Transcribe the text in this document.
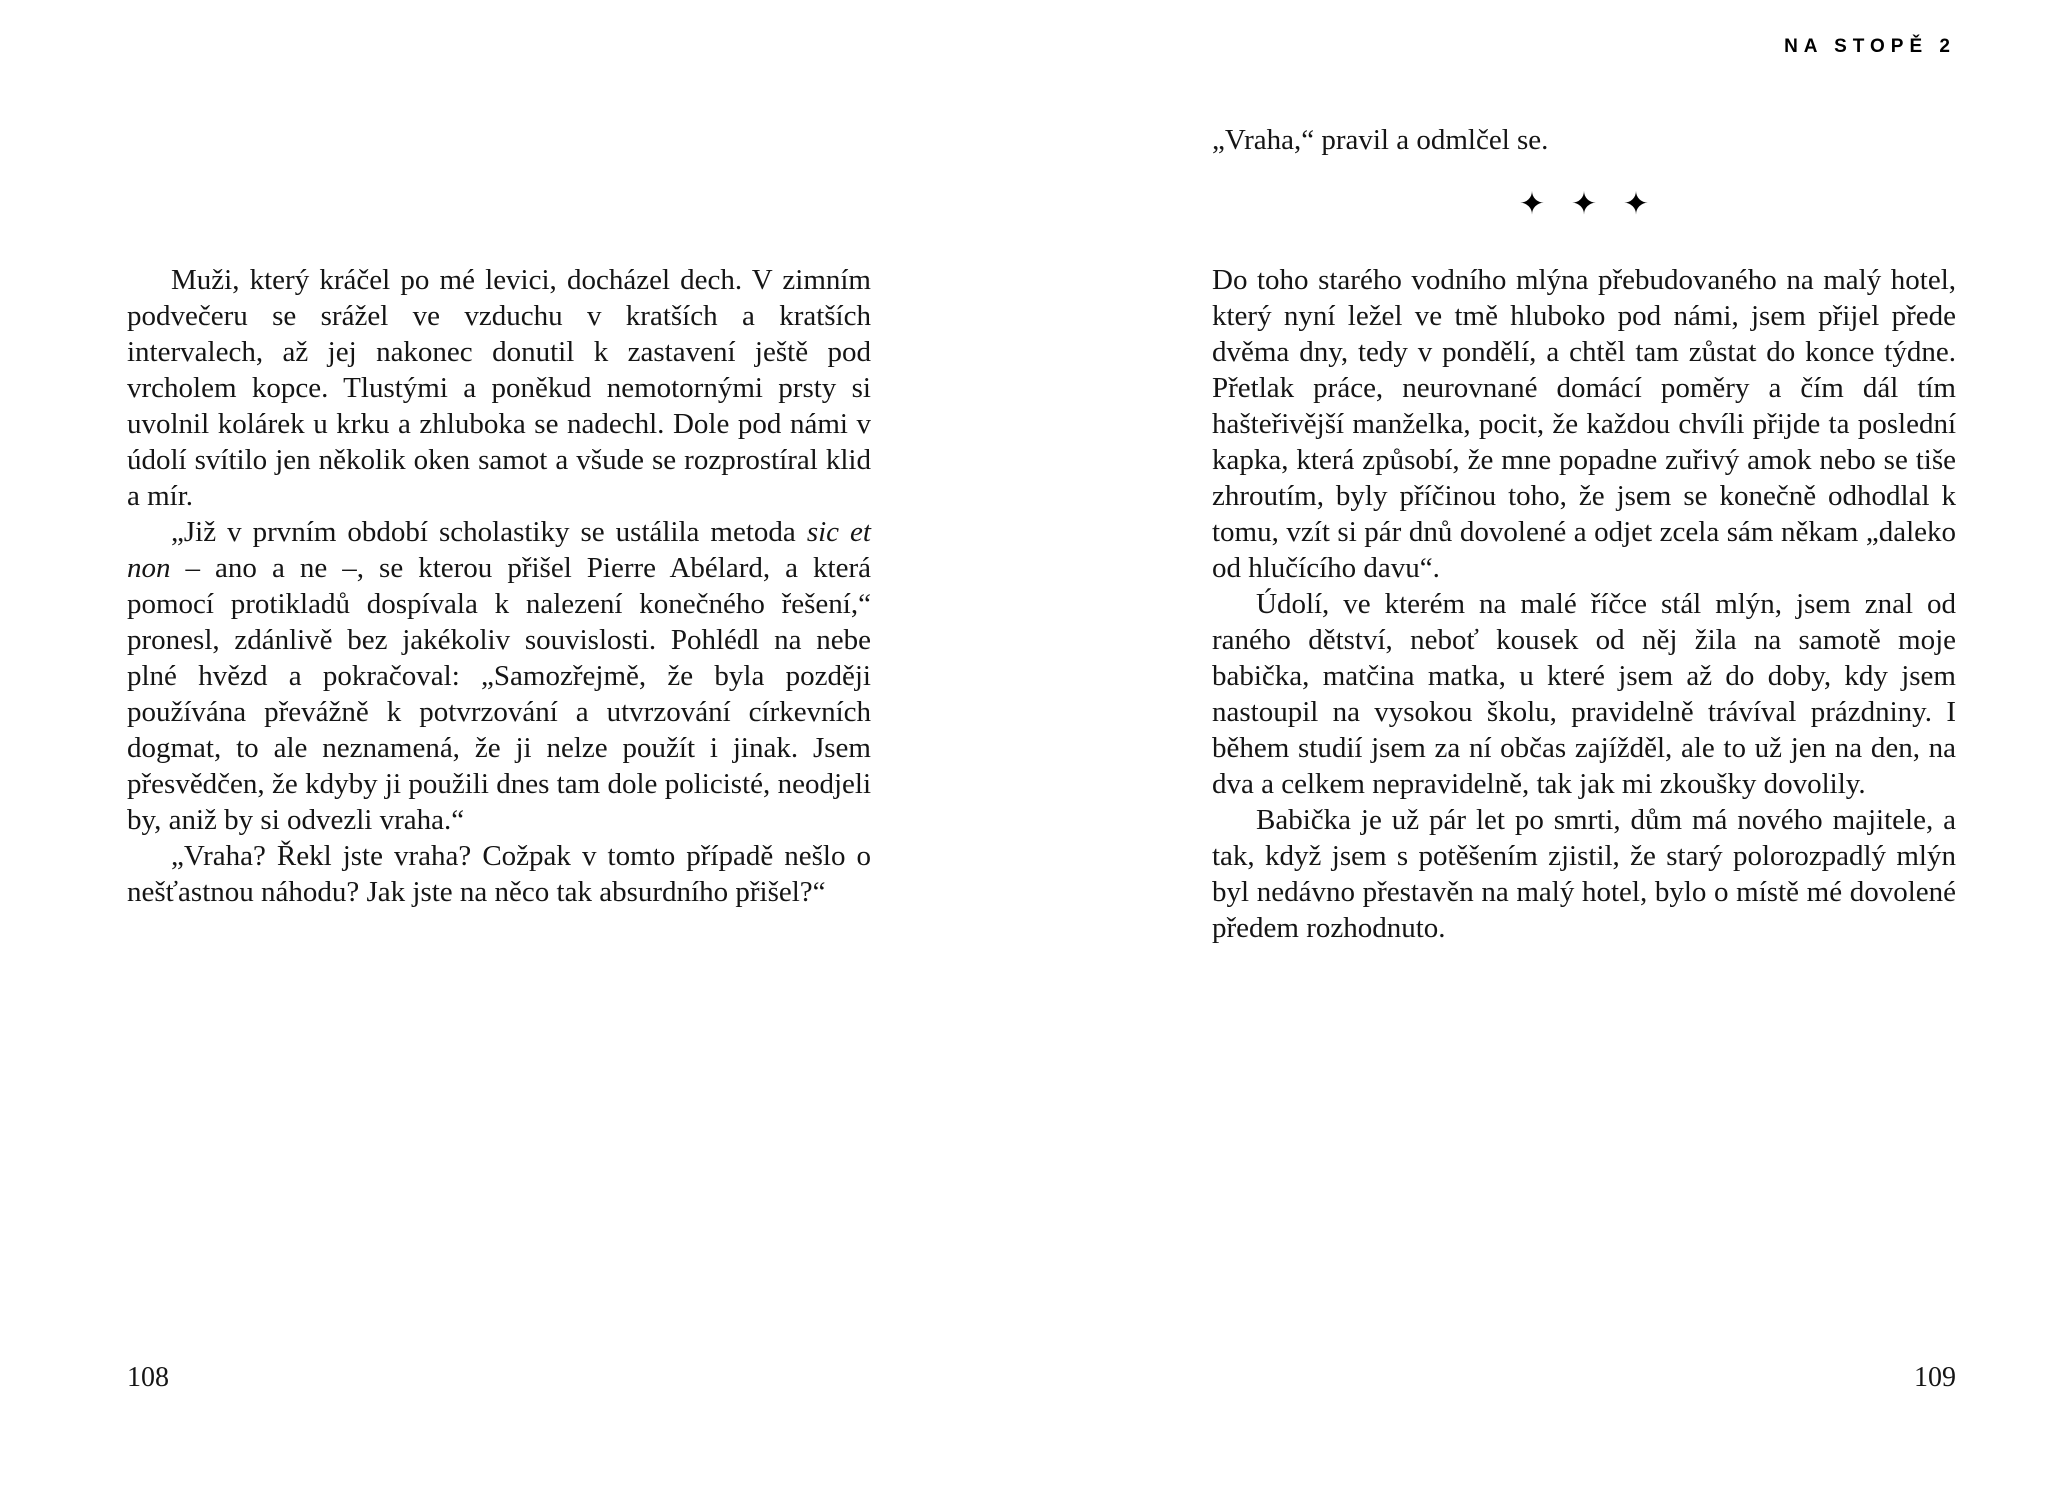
Muži, který kráčel po mé levici, docházel dech. V zimním podvečeru se srážel ve vzduchu v kratších a kratších intervalech, až jej nakonec donutil k zastavení ještě pod vrcholem kopce. Tlustými a poněkud nemotornými prsty si uvolnil kolárek u krku a zhluboka se nadechl. Dole pod námi v údolí svítilo jen několik oken samot a všude se rozprostíral klid a mír.

„Již v prvním období scholastiky se ustálila metoda sic et non – ano a ne –, se kterou přišel Pierre Abélard, a která pomocí protikladů dospívala k nalezení konečného řešení,“ pronesl, zdánlivě bez jakékoliv souvislosti. Pohlédl na nebe plné hvězd a pokračoval: „Samozřejmě, že byla později používána převážně k potvrzování a utvrzování církevních dogmat, to ale neznamená, že ji nelze použít i jinak. Jsem přesvědčen, že kdyby ji použili dnes tam dole policisté, neodjeli by, aniž by si odvezli vraha.“

„Vraha? Řekl jste vraha? Cožpak v tomto případě nešlo o nešťastnou náhodu? Jak jste na něco tak absurdního přišel?“

108
NA STOPĚ 2

„Vraha,“ pravil a odmlčel se.

✦ ✦ ✦

Do toho starého vodního mlýna přebudovaného na malý hotel, který nyní ležel ve tmě hluboko pod námi, jsem přijel přede dvěma dny, tedy v pondělí, a chtěl tam zůstat do konce týdne. Přetlak práce, neurovnané domácí poměry a čím dál tím hašteřivější manželka, pocit, že každou chvíli přijde ta poslední kapka, která způsobí, že mne popadne zuřivý amok nebo se tiše zhroutím, byly příčinou toho, že jsem se konečně odhodlal k tomu, vzít si pár dnů dovolené a odjet zcela sám někam „daleko od hlučícího davu“.

Údolí, ve kterém na malé říčce stál mlýn, jsem znal od raného dětství, neboť kousek od něj žila na samotě moje babička, matčina matka, u které jsem až do doby, kdy jsem nastoupil na vysokou školu, pravidelně trávíval prázdniny. I během studií jsem za ní občas zajížděl, ale to už jen na den, na dva a celkem nepravidelně, tak jak mi zkoušky dovolily.

Babička je už pár let po smrti, dům má nového majitele, a tak, když jsem s potěšením zjistil, že starý polorozpadlý mlýn byl nedávno přestavěn na malý hotel, bylo o místě mé dovolené předem rozhodnuto.

109
